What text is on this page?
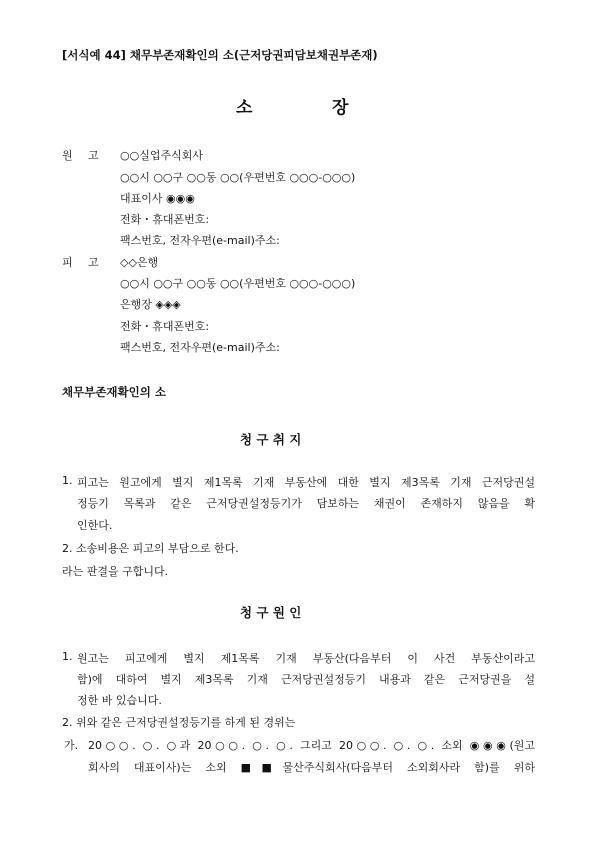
[서식예 44] 채무부존재확인의 소(근저당권피담보채권부존재)
소	장
원 고 ○○실업주식회사
○○시 ○○구 ○○동 ○○(우편번호 ○○○-○○○)
대표이사 ◉◉◉
전화・휴대폰번호:
팩스번호, 전자우편(e-mail)주소:
피 고 ◇◇은행
○○시 ○○구 ○○동 ○○(우편번호 ○○○-○○○)
은행장 ◈◈◈
전화・휴대폰번호:
팩스번호, 전자우편(e-mail)주소:
채무부존재확인의 소
청 구 취 지
1. 피고는 원고에게 별지 제1목록 기재 부동산에 대한 별지 제3목록 기재 근저당권설
정등기 목록과 같은 근저당권설정등기가 담보하는 채권이 존재하지 않음을 확
인한다.
2. 소송비용은 피고의 부담으로 한다.
라는 판결을 구합니다.
청 구 원 인
1. 원고는 피고에게 별지 제1목록 기재 부동산(다음부터 이 사건 부동산이라고
함)에 대하여 별지 제3목록 기재 근저당권설정등기 내용과 같은 근저당권을 설
정한 바 있습니다.
2. 위와 같은 근저당권설정등기를 하게 된 경위는
가. 20○○. ○. ○과 20○○. ○. ○. 그리고 20○○. ○. ○. 소외 ◉◉◉(원고
회사의 대표이사)는 소외 ■■물산주식회사(다음부터 소외회사라 함)를 위하
